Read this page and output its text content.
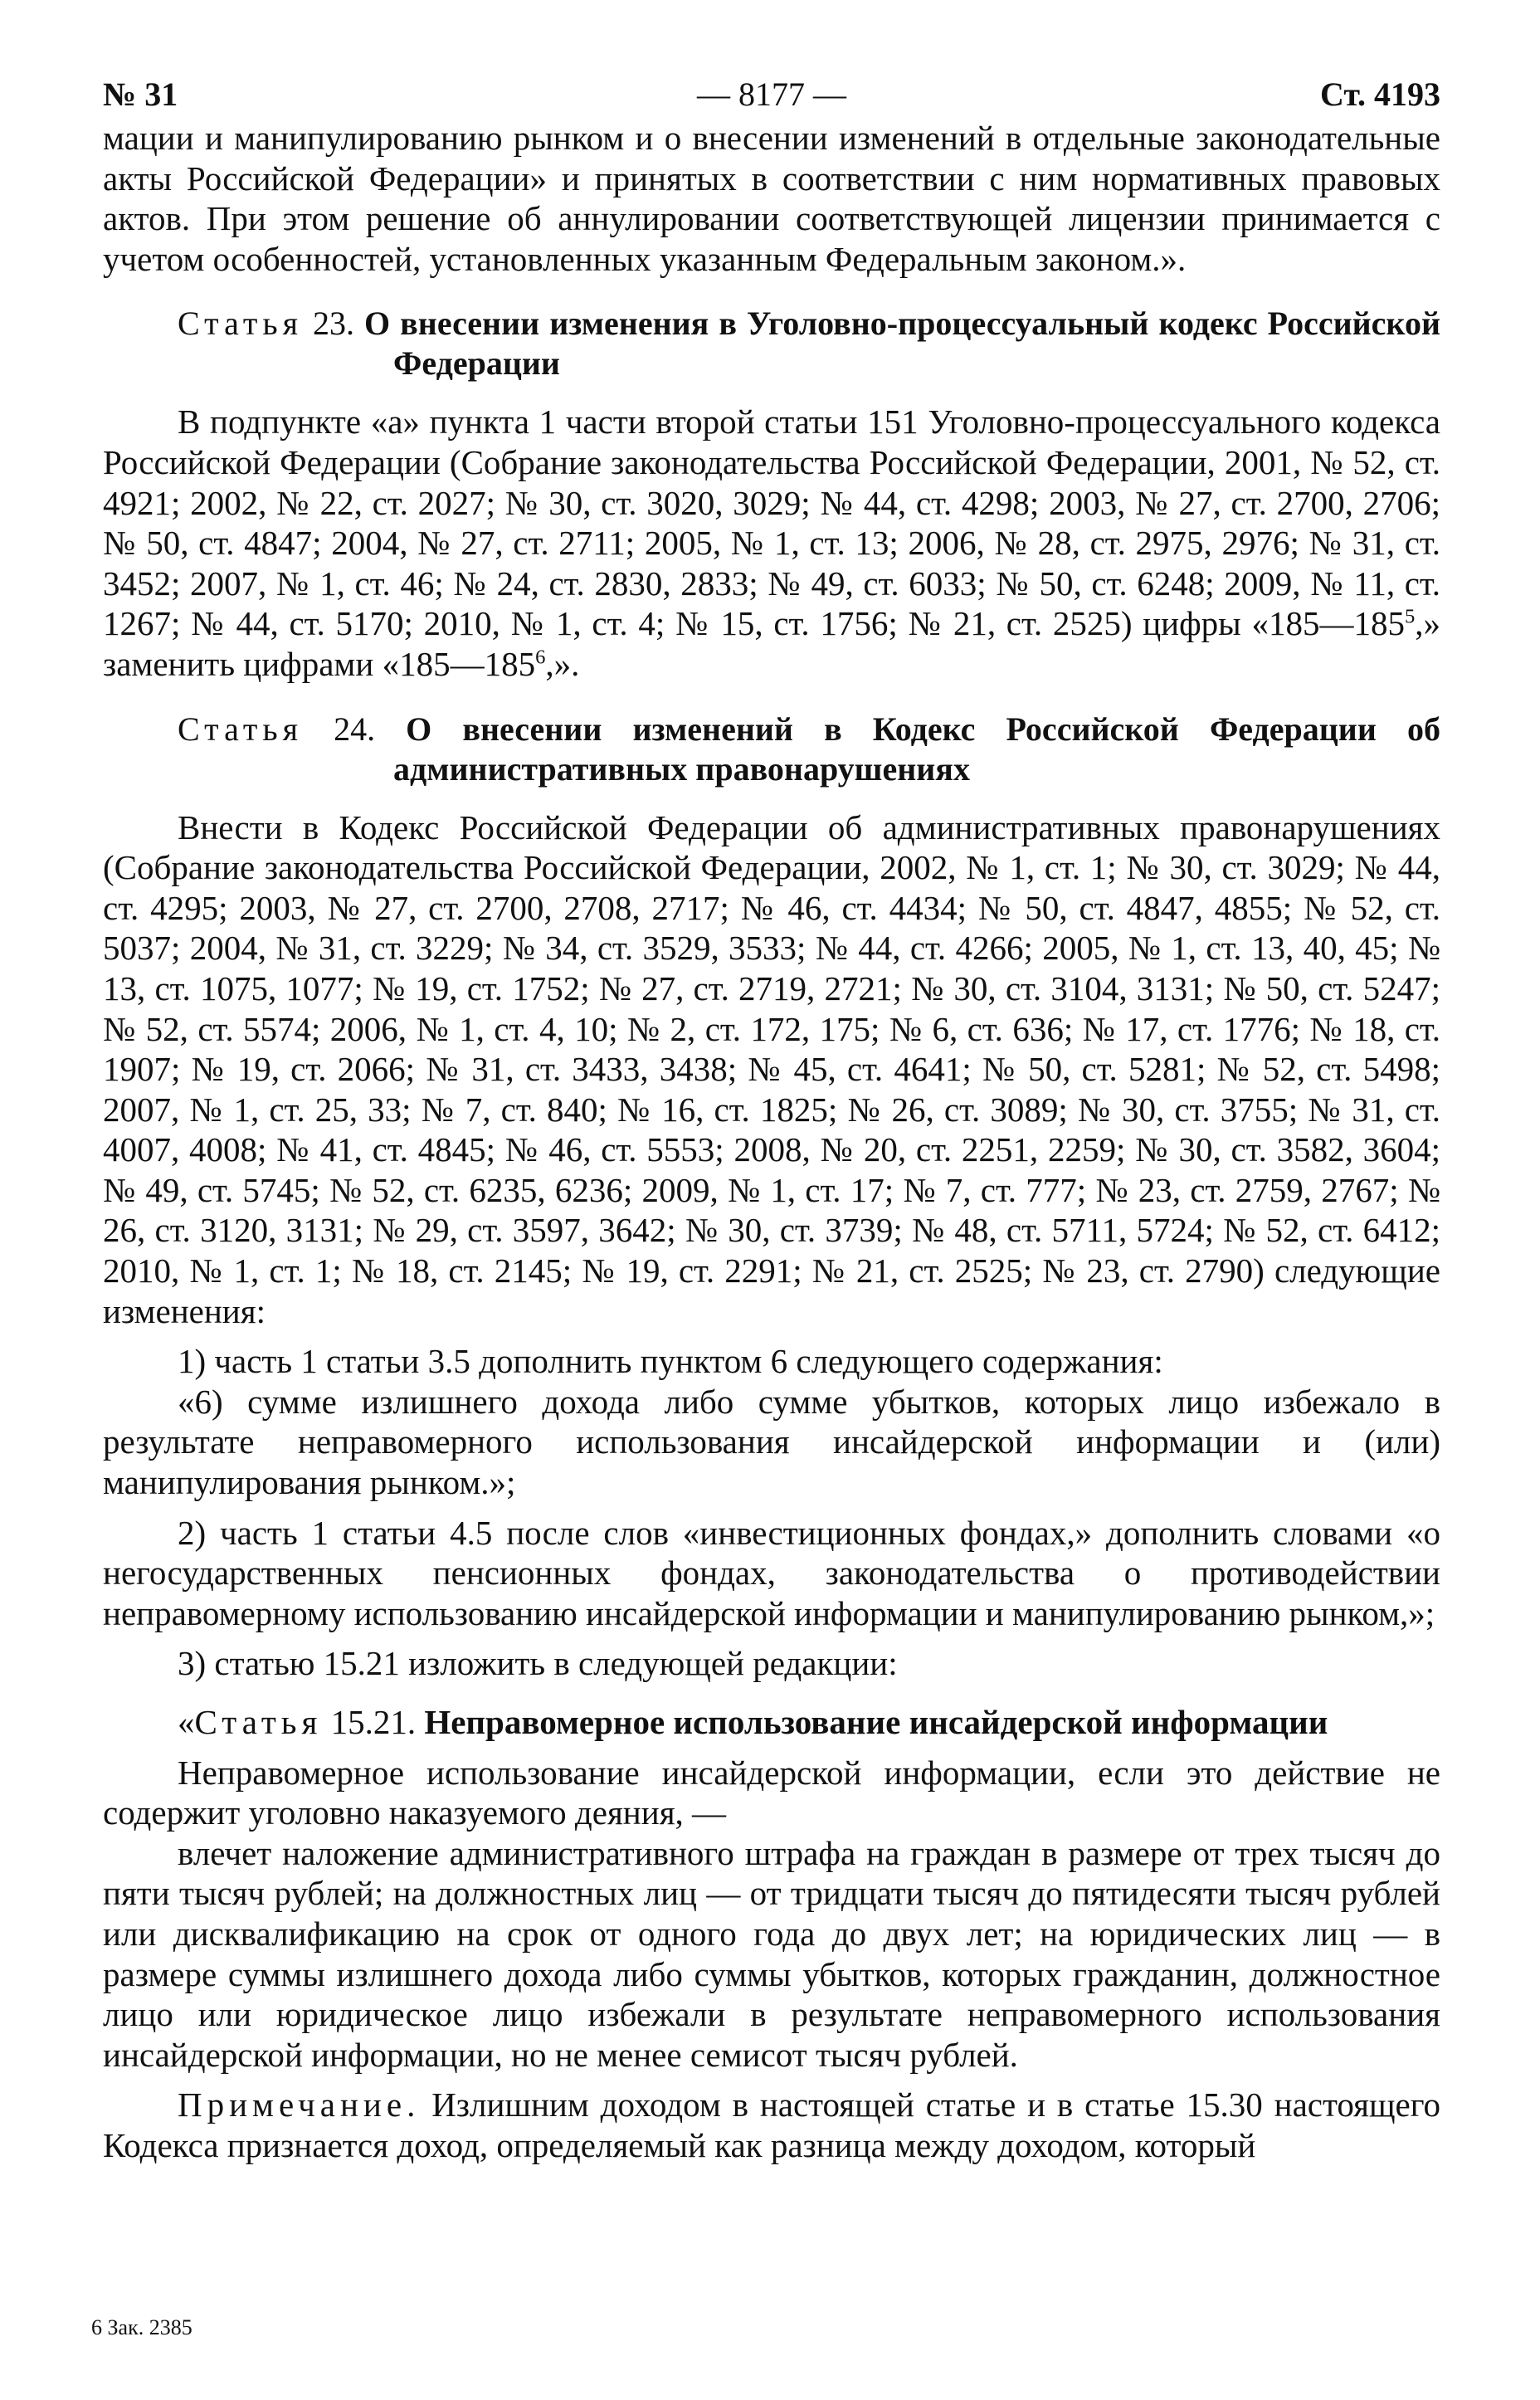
№ 31	— 8177 —	Ст. 4193

мации и манипулированию рынком и о внесении изменений в отдельные законодательные акты Российской Федерации» и принятых в соответствии с ним нормативных правовых актов. При этом решение об аннулировании соответствующей лицензии принимается с учетом особенностей, установленных указанным Федеральным законом.».

Статья 23. О внесении изменения в Уголовно-процессуальный кодекс Российской Федерации

В подпункте «а» пункта 1 части второй статьи 151 Уголовно-процессуального кодекса Российской Федерации (Собрание законодательства Российской Федерации, 2001, № 52, ст. 4921; 2002, № 22, ст. 2027; № 30, ст. 3020, 3029; № 44, ст. 4298; 2003, № 27, ст. 2700, 2706; № 50, ст. 4847; 2004, № 27, ст. 2711; 2005, № 1, ст. 13; 2006, № 28, ст. 2975, 2976; № 31, ст. 3452; 2007, № 1, ст. 46; № 24, ст. 2830, 2833; № 49, ст. 6033; № 50, ст. 6248; 2009, № 11, ст. 1267; № 44, ст. 5170; 2010, № 1, ст. 4; № 15, ст. 1756; № 21, ст. 2525) цифры «$185—185^5$,» заменить цифрами «$185—185^6$,».

Статья 24. О внесении изменений в Кодекс Российской Федерации об административных правонарушениях

Внести в Кодекс Российской Федерации об административных правонарушениях (Собрание законодательства Российской Федерации, 2002, № 1, ст. 1; № 30, ст. 3029; № 44, ст. 4295; 2003, № 27, ст. 2700, 2708, 2717; № 46, ст. 4434; № 50, ст. 4847, 4855; № 52, ст. 5037; 2004, № 31, ст. 3229; № 34, ст. 3529, 3533; № 44, ст. 4266; 2005, № 1, ст. 13, 40, 45; № 13, ст. 1075, 1077; № 19, ст. 1752; № 27, ст. 2719, 2721; № 30, ст. 3104, 3131; № 50, ст. 5247; № 52, ст. 5574; 2006, № 1, ст. 4, 10; № 2, ст. 172, 175; № 6, ст. 636; № 17, ст. 1776; № 18, ст. 1907; № 19, ст. 2066; № 31, ст. 3433, 3438; № 45, ст. 4641; № 50, ст. 5281; № 52, ст. 5498; 2007, № 1, ст. 25, 33; № 7, ст. 840; № 16, ст. 1825; № 26, ст. 3089; № 30, ст. 3755; № 31, ст. 4007, 4008; № 41, ст. 4845; № 46, ст. 5553; 2008, № 20, ст. 2251, 2259; № 30, ст. 3582, 3604; № 49, ст. 5745; № 52, ст. 6235, 6236; 2009, № 1, ст. 17; № 7, ст. 777; № 23, ст. 2759, 2767; № 26, ст. 3120, 3131; № 29, ст. 3597, 3642; № 30, ст. 3739; № 48, ст. 5711, 5724; № 52, ст. 6412; 2010, № 1, ст. 1; № 18, ст. 2145; № 19, ст. 2291; № 21, ст. 2525; № 23, ст. 2790) следующие изменения:

1) часть 1 статьи 3.5 дополнить пунктом 6 следующего содержания:

«6) сумме излишнего дохода либо сумме убытков, которых лицо избежало в результате неправомерного использования инсайдерской информации и (или) манипулирования рынком.»;

2) часть 1 статьи 4.5 после слов «инвестиционных фондах,» дополнить словами «о негосударственных пенсионных фондах, законодательства о противодействии неправомерному использованию инсайдерской информации и манипулированию рынком,»;

3) статью 15.21 изложить в следующей редакции:

«Статья 15.21. Неправомерное использование инсайдерской информации

Неправомерное использование инсайдерской информации, если это действие не содержит уголовно наказуемого деяния, —

влечет наложение административного штрафа на граждан в размере от трех тысяч до пяти тысяч рублей; на должностных лиц — от тридцати тысяч до пятидесяти тысяч рублей или дисквалификацию на срок от одного года до двух лет; на юридических лиц — в размере суммы излишнего дохода либо суммы убытков, которых гражданин, должностное лицо или юридическое лицо избежали в результате неправомерного использования инсайдерской информации, но не менее семисот тысяч рублей.

Примечание. Излишним доходом в настоящей статье и в статье 15.30 настоящего Кодекса признается доход, определяемый как разница между доходом, который

6 Зак. 2385
